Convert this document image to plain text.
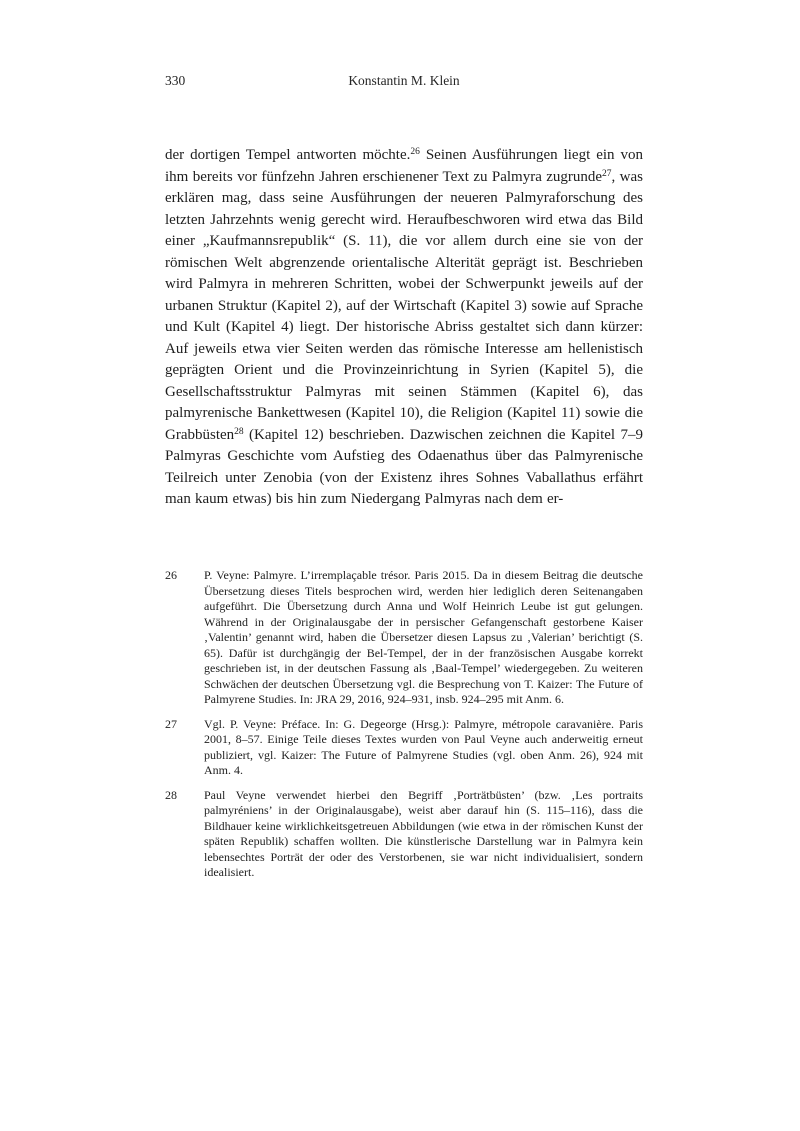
330	Konstantin M. Klein

der dortigen Tempel antworten möchte.$^{26}$ Seinen Ausführungen liegt ein von ihm bereits vor fünfzehn Jahren erschienener Text zu Palmyra zugrunde$^{27}$, was erklären mag, dass seine Ausführungen der neueren Palmyraforschung des letzten Jahrzehnts wenig gerecht wird. Heraufbeschworen wird etwa das Bild einer „Kaufmannsrepublik“ (S. 11), die vor allem durch eine sie von der römischen Welt abgrenzende orientalische Alterität geprägt ist. Beschrieben wird Palmyra in mehreren Schritten, wobei der Schwerpunkt jeweils auf der urbanen Struktur (Kapitel 2), auf der Wirtschaft (Kapitel 3) sowie auf Sprache und Kult (Kapitel 4) liegt. Der historische Abriss gestaltet sich dann kürzer: Auf jeweils etwa vier Seiten werden das römische Interesse am hellenistisch geprägten Orient und die Provinzeinrichtung in Syrien (Kapitel 5), die Gesellschaftsstruktur Palmyras mit seinen Stämmen (Kapitel 6), das palmyrenische Bankettwesen (Kapitel 10), die Religion (Kapitel 11) sowie die Grabbüsten$^{28}$ (Kapitel 12) beschrieben. Dazwischen zeichnen die Kapitel 7–9 Palmyras Geschichte vom Aufstieg des Odaenathus über das Palmyrenische Teilreich unter Zenobia (von der Existenz ihres Sohnes Vaballathus erfährt man kaum etwas) bis hin zum Niedergang Palmyras nach dem er-

26 P. Veyne: Palmyre. L’irremplaçable trésor. Paris 2015. Da in diesem Beitrag die deutsche Übersetzung dieses Titels besprochen wird, werden hier lediglich deren Seitenangaben aufgeführt. Die Übersetzung durch Anna und Wolf Heinrich Leube ist gut gelungen. Während in der Originalausgabe der in persischer Gefangenschaft gestorbene Kaiser ‚Valentin’ genannt wird, haben die Übersetzer diesen Lapsus zu ‚Valerian’ berichtigt (S. 65). Dafür ist durchgängig der Bel-Tempel, der in der französischen Ausgabe korrekt geschrieben ist, in der deutschen Fassung als ‚Baal-Tempel’ wiedergegeben. Zu weiteren Schwächen der deutschen Übersetzung vgl. die Besprechung von T. Kaizer: The Future of Palmyrene Studies. In: JRA 29, 2016, 924–931, insb. 924–295 mit Anm. 6.

27 Vgl. P. Veyne: Préface. In: G. Degeorge (Hrsg.): Palmyre, métropole caravanière. Paris 2001, 8–57. Einige Teile dieses Textes wurden von Paul Veyne auch anderweitig erneut publiziert, vgl. Kaizer: The Future of Palmyrene Studies (vgl. oben Anm. 26), 924 mit Anm. 4.

28 Paul Veyne verwendet hierbei den Begriff ‚Porträtbüsten’ (bzw. ‚Les portraits palmyréniens’ in der Originalausgabe), weist aber darauf hin (S. 115–116), dass die Bildhauer keine wirklichkeitsgetreuen Abbildungen (wie etwa in der römischen Kunst der späten Republik) schaffen wollten. Die künstlerische Darstellung war in Palmyra kein lebensechtes Porträt der oder des Verstorbenen, sie war nicht individualisiert, sondern idealisiert.
